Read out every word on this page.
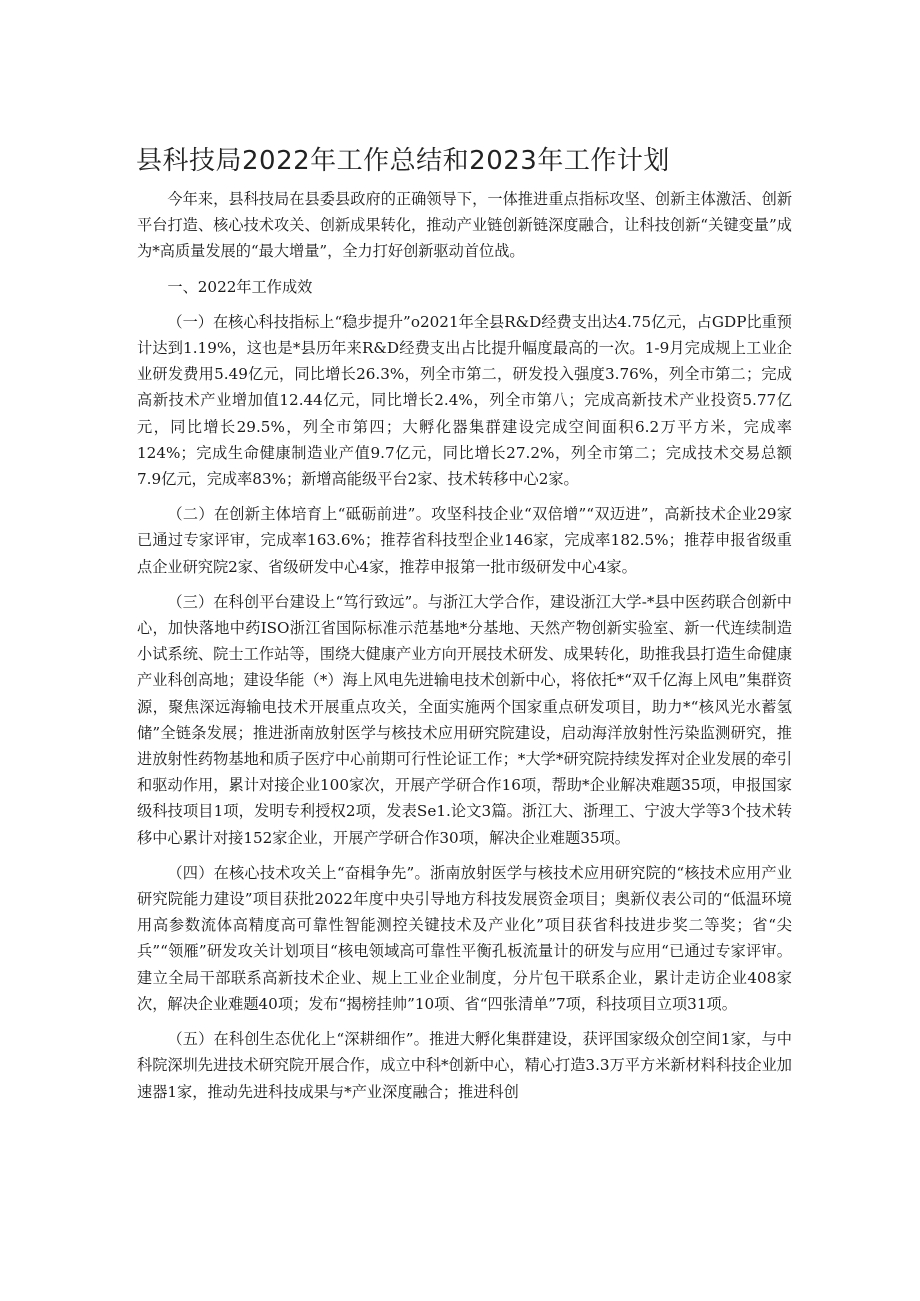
县科技局2022年工作总结和2023年工作计划

今年来，县科技局在县委县政府的正确领导下，一体推进重点指标攻坚、创新主体激活、创新平台打造、核心技术攻关、创新成果转化，推动产业链创新链深度融合，让科技创新“关键变量”成为*高质量发展的“最大增量”，全力打好创新驱动首位战。

一、2022年工作成效

（一）在核心科技指标上“稳步提升”o2021年全县R&D经费支出达4.75亿元，占GDP比重预计达到1.19%，这也是*县历年来R&D经费支出占比提升幅度最高的一次。1-9月完成规上工业企业研发费用5.49亿元，同比增长26.3%，列全市第二，研发投入强度3.76%，列全市第二；完成高新技术产业增加值12.44亿元，同比增长2.4%，列全市第八；完成高新技术产业投资5.77亿元，同比增长29.5%，列全市第四；大孵化器集群建设完成空间面积6.2万平方米，完成率124%；完成生命健康制造业产值9.7亿元，同比增长27.2%，列全市第二；完成技术交易总额7.9亿元，完成率83%；新增高能级平台2家、技术转移中心2家。

（二）在创新主体培育上“砥砺前进”。攻坚科技企业“双倍增”“双迈进”，高新技术企业29家已通过专家评审，完成率163.6%；推荐省科技型企业146家，完成率182.5%；推荐申报省级重点企业研究院2家、省级研发中心4家，推荐申报第一批市级研发中心4家。

（三）在科创平台建设上“笃行致远”。与浙江大学合作，建设浙江大学-*县中医药联合创新中心，加快落地中药ISO浙江省国际标准示范基地*分基地、天然产物创新实验室、新一代连续制造小试系统、院士工作站等，围绕大健康产业方向开展技术研发、成果转化，助推我县打造生命健康产业科创高地；建设华能（*）海上风电先进输电技术创新中心，将依托*“双千亿海上风电”集群资源，聚焦深远海输电技术开展重点攻关，全面实施两个国家重点研发项目，助力*“核风光水蓄氢储”全链条发展；推进浙南放射医学与核技术应用研究院建设，启动海洋放射性污染监测研究，推进放射性药物基地和质子医疗中心前期可行性论证工作；*大学*研究院持续发挥对企业发展的牵引和驱动作用，累计对接企业100家次，开展产学研合作16项，帮助*企业解决难题35项，申报国家级科技项目1项，发明专利授权2项，发表Se1.论文3篇。浙江大、浙理工、宁波大学等3个技术转移中心累计对接152家企业，开展产学研合作30项，解决企业难题35项。

（四）在核心技术攻关上“奋楫争先”。浙南放射医学与核技术应用研究院的“核技术应用产业研究院能力建设”项目获批2022年度中央引导地方科技发展资金项目；奥新仪表公司的“低温环境用高参数流体高精度高可靠性智能测控关键技术及产业化”项目获省科技进步奖二等奖；省“尖兵”“领雁”研发攻关计划项目“核电领域高可靠性平衡孔板流量计的研发与应用“已通过专家评审。建立全局干部联系高新技术企业、规上工业企业制度，分片包干联系企业，累计走访企业408家次，解决企业难题40项；发布“揭榜挂帅”10项、省“四张清单”7项，科技项目立项31项。

（五）在科创生态优化上“深耕细作”。推进大孵化集群建设，获评国家级众创空间1家，与中科院深圳先进技术研究院开展合作，成立中科*创新中心，精心打造3.3万平方米新材料科技企业加速器1家，推动先进科技成果与*产业深度融合；推进科创
